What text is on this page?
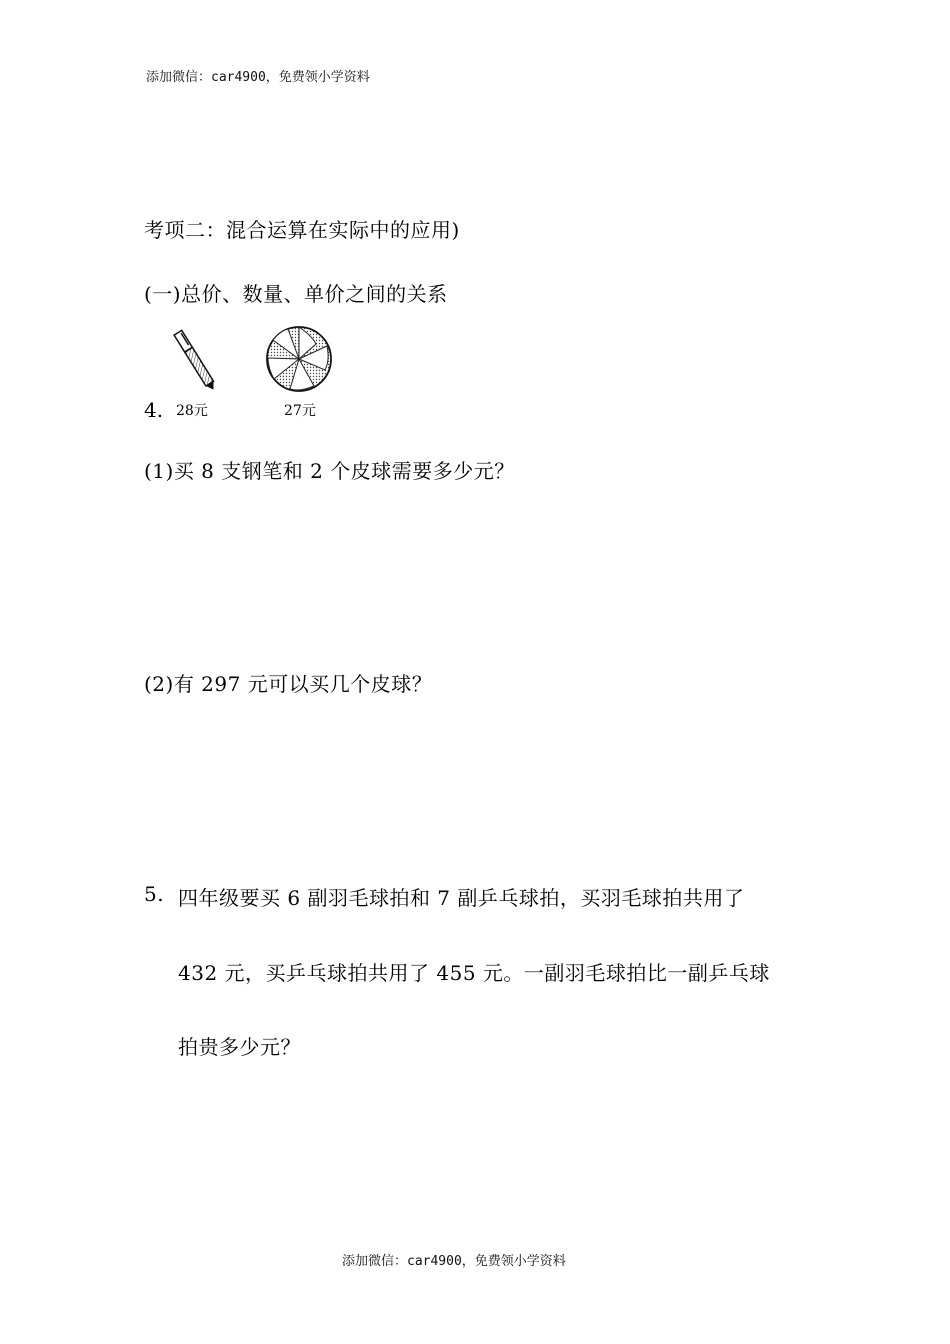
添加微信：car4900，免费领小学资料
考项二：混合运算在实际中的应用)
(一)总价、数量、单价之间的关系
4. 28元	27元
(1)买 8 支钢笔和 2 个皮球需要多少元？
(2)有 297 元可以买几个皮球？
5. 四年级要买 6 副羽毛球拍和 7 副乒乓球拍，买羽毛球拍共用了
432 元，买乒乓球拍共用了 455 元。一副羽毛球拍比一副乒乓球
拍贵多少元？
添加微信：car4900，免费领小学资料
